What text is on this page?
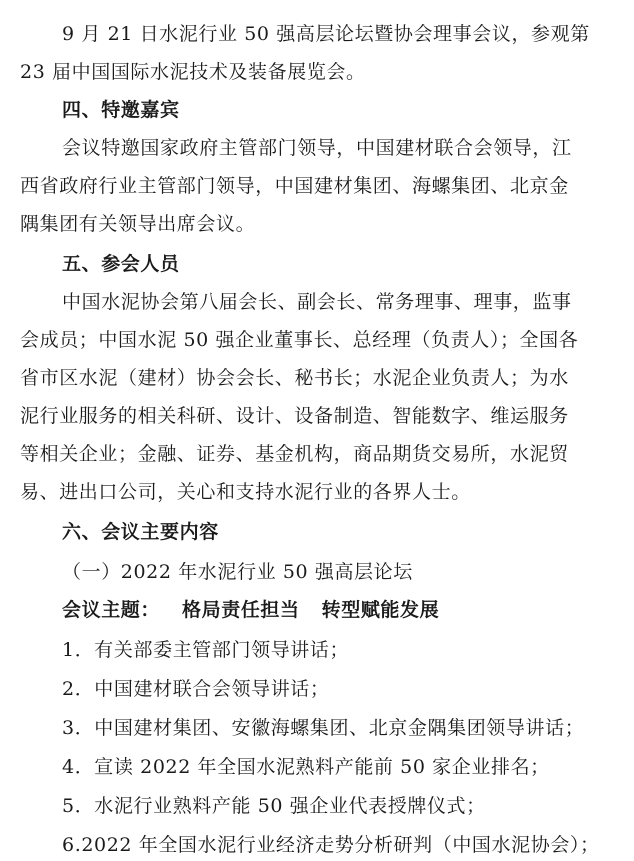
9 月 21 日水泥行业 50 强高层论坛暨协会理事会议，参观第
23 届中国国际水泥技术及装备展览会。
四、特邀嘉宾
会议特邀国家政府主管部门领导，中国建材联合会领导，江
西省政府行业主管部门领导，中国建材集团、海螺集团、北京金
隅集团有关领导出席会议。
五、参会人员
中国水泥协会第八届会长、副会长、常务理事、理事，监事
会成员；中国水泥 50 强企业董事长、总经理（负责人）；全国各
省市区水泥（建材）协会会长、秘书长；水泥企业负责人；为水
泥行业服务的相关科研、设计、设备制造、智能数字、维运服务
等相关企业；金融、证券、基金机构，商品期货交易所，水泥贸
易、进出口公司，关心和支持水泥行业的各界人士。
六、会议主要内容
（一）2022 年水泥行业 50 强高层论坛
会议主题： 格局责任担当 转型赋能发展
1．有关部委主管部门领导讲话；
2．中国建材联合会领导讲话；
3．中国建材集团、安徽海螺集团、北京金隅集团领导讲话；
4．宣读 2022 年全国水泥熟料产能前 50 家企业排名；
5．水泥行业熟料产能 50 强企业代表授牌仪式；
6.2022 年全国水泥行业经济走势分析研判（中国水泥协会）；
